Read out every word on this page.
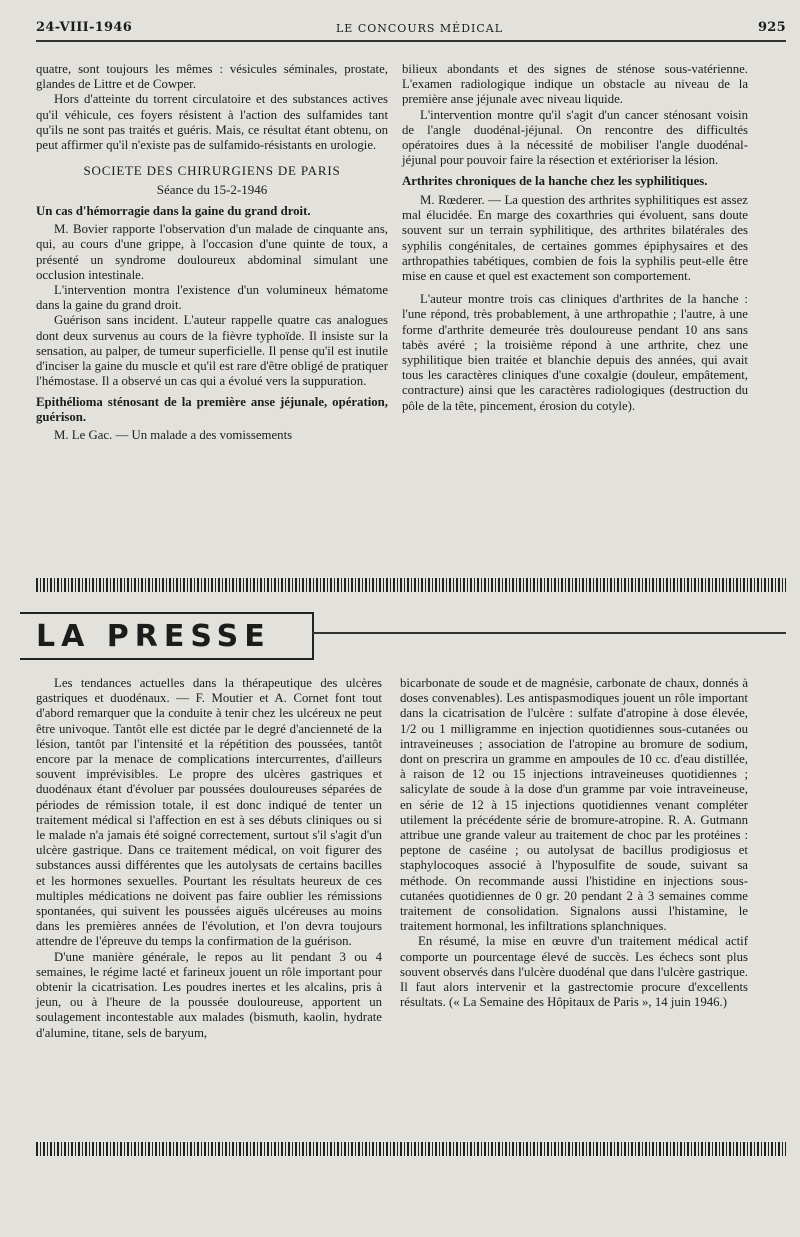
24-VIII-1946	LE CONCOURS MÉDICAL	925

quatre, sont toujours les mêmes : vésicules séminales, prostate, glandes de Littre et de Cowper.

Hors d'atteinte du torrent circulatoire et des substances actives qu'il véhicule, ces foyers résistent à l'action des sulfamides tant qu'ils ne sont pas traités et guéris. Mais, ce résultat étant obtenu, on peut affirmer qu'il n'existe pas de sulfamido-résistants en urologie.

SOCIETE DES CHIRURGIENS DE PARIS
Séance du 15-2-1946
Un cas d'hémorragie dans la gaine du grand droit.

M. Bovier rapporte l'observation d'un malade de cinquante ans, qui, au cours d'une grippe, à l'occasion d'une quinte de toux, a présenté un syndrome douloureux abdominal simulant une occlusion intestinale.

L'intervention montra l'existence d'un volumineux hématome dans la gaine du grand droit.

Guérison sans incident. L'auteur rappelle quatre cas analogues dont deux survenus au cours de la fièvre typhoïde. Il insiste sur la sensation, au palper, de tumeur superficielle. Il pense qu'il est inutile d'inciser la gaine du muscle et qu'il est rare d'être obligé de pratiquer l'hémostase. Il a observé un cas qui a évolué vers la suppuration.

Epithélioma sténosant de la première anse jéjunale, opération, guérison.

M. Le Gac. — Un malade a des vomissements

bilieux abondants et des signes de sténose sous-vatérienne. L'examen radiologique indique un obstacle au niveau de la première anse jéjunale avec niveau liquide.

L'intervention montre qu'il s'agit d'un cancer sténosant voisin de l'angle duodénal-jéjunal. On rencontre des difficultés opératoires dues à la nécessité de mobiliser l'angle duodénal-jéjunal pour pouvoir faire la résection et extérioriser la lésion.

Arthrites chroniques de la hanche chez les syphilitiques.

M. Rœderer. — La question des arthrites syphilitiques est assez mal élucidée. En marge des coxarthries qui évoluent, sans doute souvent sur un terrain syphilitique, des arthrites bilatérales des syphilis congénitales, de certaines gommes épiphysaires et des arthropathies tabétiques, combien de fois la syphilis peut-elle être mise en cause et quel est exactement son comportement.

L'auteur montre trois cas cliniques d'arthrites de la hanche : l'une répond, très probablement, à une arthropathie ; l'autre, à une forme d'arthrite demeurée très douloureuse pendant 10 ans sans tabès avéré ; la troisième répond à une arthrite, chez une syphilitique bien traitée et blanchie depuis des années, qui avait tous les caractères cliniques d'une coxalgie (douleur, empâtement, contracture) ainsi que les caractères radiologiques (destruction du pôle de la tête, pincement, érosion du cotyle).

LA PRESSE

Les tendances actuelles dans la thérapeutique des ulcères gastriques et duodénaux. — F. Moutier et A. Cornet font tout d'abord remarquer que la conduite à tenir chez les ulcéreux ne peut être univoque. Tantôt elle est dictée par le degré d'ancienneté de la lésion, tantôt par l'intensité et la répétition des poussées, tantôt encore par la menace de complications intercurrentes, d'ailleurs souvent imprévisibles. Le propre des ulcères gastriques et duodénaux étant d'évoluer par poussées douloureuses séparées de périodes de rémission totale, il est donc indiqué de tenter un traitement médical si l'affection en est à ses débuts cliniques ou si le malade n'a jamais été soigné correctement, surtout s'il s'agit d'un ulcère gastrique. Dans ce traitement médical, on voit figurer des substances aussi différentes que les autolysats de certains bacilles et les hormones sexuelles. Pourtant les résultats heureux de ces multiples médications ne doivent pas faire oublier les rémissions spontanées, qui suivent les poussées aiguës ulcéreuses au moins dans les premières années de l'évolution, et l'on devra toujours attendre de l'épreuve du temps la confirmation de la guérison.

D'une manière générale, le repos au lit pendant 3 ou 4 semaines, le régime lacté et farineux jouent un rôle important pour obtenir la cicatrisation. Les poudres inertes et les alcalins, pris à jeun, ou à l'heure de la poussée douloureuse, apportent un soulagement incontestable aux malades (bismuth, kaolin, hydrate d'alumine, titane, sels de baryum,

bicarbonate de soude et de magnésie, carbonate de chaux, donnés à doses convenables). Les antispasmodiques jouent un rôle important dans la cicatrisation de l'ulcère : sulfate d'atropine à dose élevée, 1/2 ou 1 milligramme en injection quotidiennes sous-cutanées ou intraveineuses ; association de l'atropine au bromure de sodium, dont on prescrira un gramme en ampoules de 10 cc. d'eau distillée, à raison de 12 ou 15 injections intraveineuses quotidiennes ; salicylate de soude à la dose d'un gramme par voie intraveineuse, en série de 12 à 15 injections quotidiennes venant compléter utilement la précédente série de bromure-atropine. R. A. Gutmann attribue une grande valeur au traitement de choc par les protéines : peptone de caséine ; ou autolysat de bacillus prodigiosus et staphylocoques associé à l'hyposulfite de soude, suivant sa méthode. On recommande aussi l'histidine en injections sous-cutanées quotidiennes de 0 gr. 20 pendant 2 à 3 semaines comme traitement de consolidation. Signalons aussi l'histamine, le traitement hormonal, les infiltrations splanchniques.

En résumé, la mise en œuvre d'un traitement médical actif comporte un pourcentage élevé de succès. Les échecs sont plus souvent observés dans l'ulcère duodénal que dans l'ulcère gastrique. Il faut alors intervenir et la gastrectomie procure d'excellents résultats. (« La Semaine des Hôpitaux de Paris », 14 juin 1946.)
